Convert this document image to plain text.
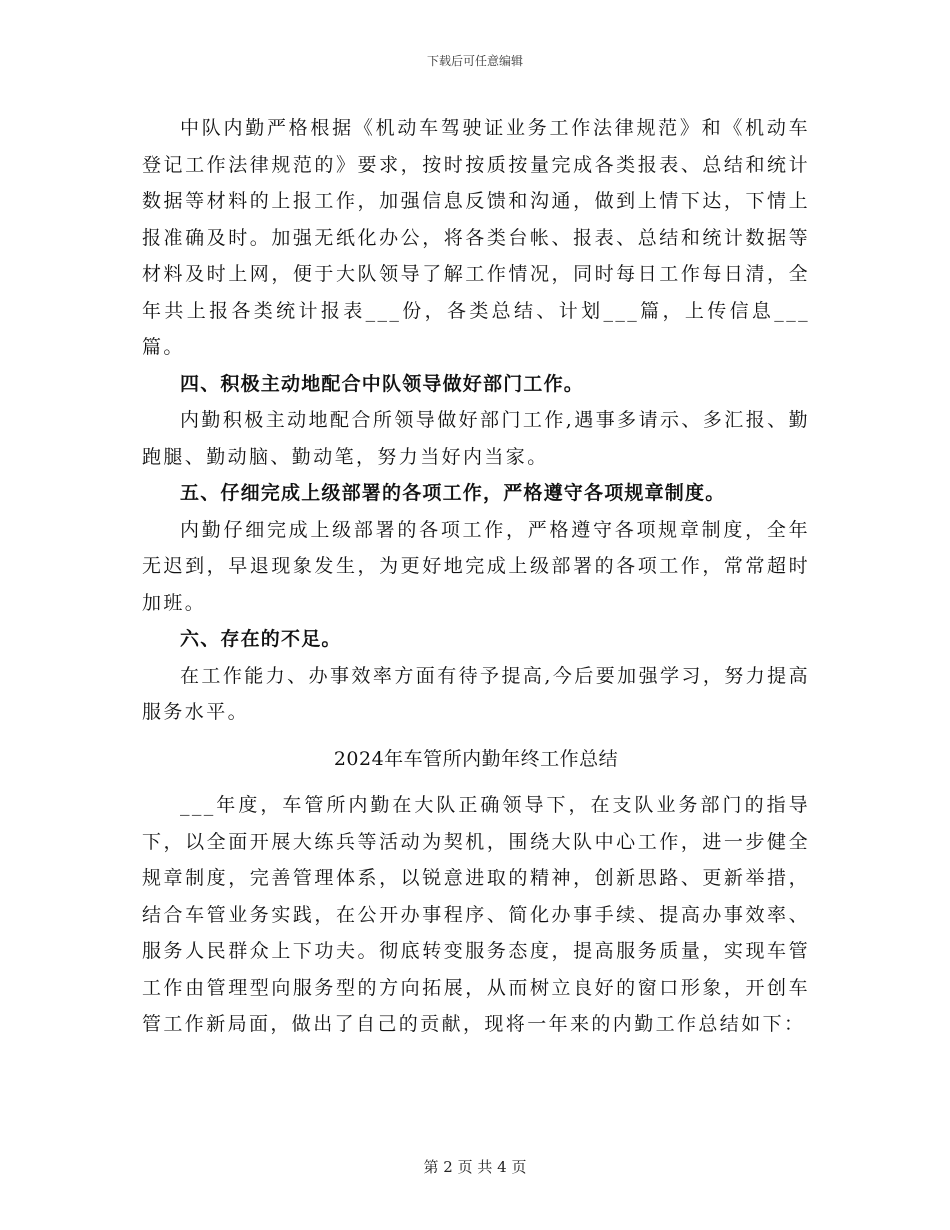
下载后可任意编辑

中队内勤严格根据《机动车驾驶证业务工作法律规范》和《机动车登记工作法律规范的》要求，按时按质按量完成各类报表、总结和统计数据等材料的上报工作，加强信息反馈和沟通，做到上情下达，下情上报准确及时。加强无纸化办公，将各类台帐、报表、总结和统计数据等材料及时上网，便于大队领导了解工作情况，同时每日工作每日清，全年共上报各类统计报表___份，各类总结、计划___篇，上传信息___篇。

四、积极主动地配合中队领导做好部门工作。

内勤积极主动地配合所领导做好部门工作,遇事多请示、多汇报、勤跑腿、勤动脑、勤动笔，努力当好内当家。

五、仔细完成上级部署的各项工作，严格遵守各项规章制度。

内勤仔细完成上级部署的各项工作，严格遵守各项规章制度，全年无迟到，早退现象发生，为更好地完成上级部署的各项工作，常常超时加班。

六、存在的不足。

在工作能力、办事效率方面有待予提高,今后要加强学习，努力提高服务水平。

2024年车管所内勤年终工作总结

___年度，车管所内勤在大队正确领导下，在支队业务部门的指导下，以全面开展大练兵等活动为契机，围绕大队中心工作，进一步健全规章制度，完善管理体系，以锐意进取的精神，创新思路、更新举措，结合车管业务实践，在公开办事程序、简化办事手续、提高办事效率、服务人民群众上下功夫。彻底转变服务态度，提高服务质量，实现车管工作由管理型向服务型的方向拓展，从而树立良好的窗口形象，开创车管工作新局面，做出了自己的贡献，现将一年来的内勤工作总结如下：

第 2 页 共 4 页
